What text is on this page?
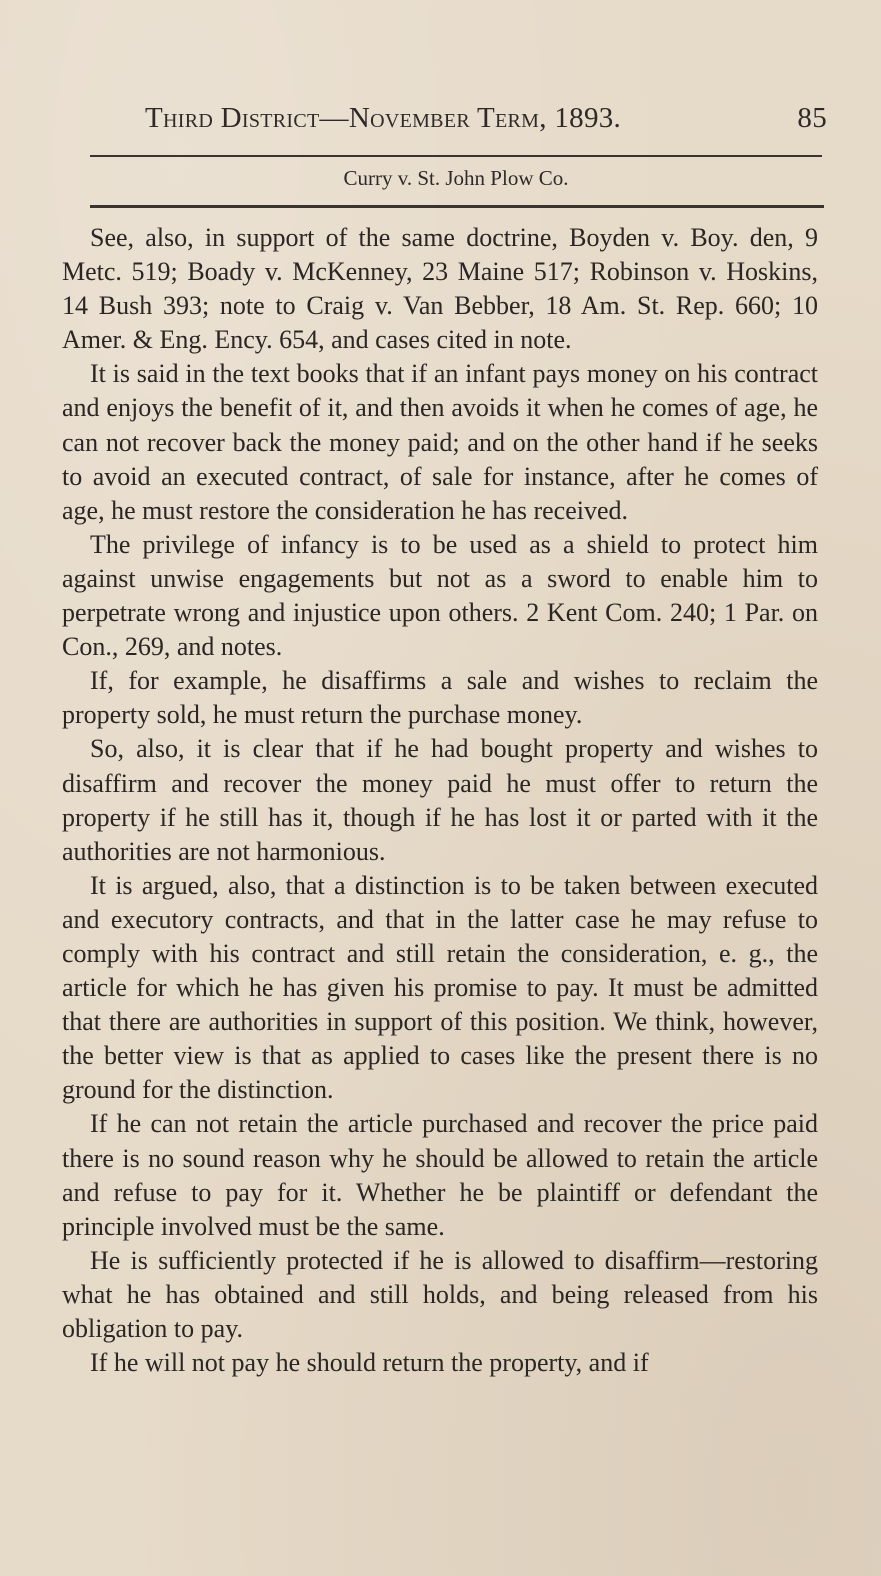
Third District—November Term, 1893.	85
Curry v. St. John Plow Co.

See, also, in support of the same doctrine, Boyden v. Boy. den, 9 Metc. 519; Boady v. McKenney, 23 Maine 517; Robinson v. Hoskins, 14 Bush 393; note to Craig v. Van Bebber, 18 Am. St. Rep. 660; 10 Amer. & Eng. Ency. 654, and cases cited in note.

It is said in the text books that if an infant pays money on his contract and enjoys the benefit of it, and then avoids it when he comes of age, he can not recover back the money paid; and on the other hand if he seeks to avoid an executed contract, of sale for instance, after he comes of age, he must restore the consideration he has received.

The privilege of infancy is to be used as a shield to protect him against unwise engagements but not as a sword to enable him to perpetrate wrong and injustice upon others. 2 Kent Com. 240; 1 Par. on Con., 269, and notes.

If, for example, he disaffirms a sale and wishes to reclaim the property sold, he must return the purchase money.

So, also, it is clear that if he had bought property and wishes to disaffirm and recover the money paid he must offer to return the property if he still has it, though if he has lost it or parted with it the authorities are not harmonious.

It is argued, also, that a distinction is to be taken between executed and executory contracts, and that in the latter case he may refuse to comply with his contract and still retain the consideration, e. g., the article for which he has given his promise to pay. It must be admitted that there are authorities in support of this position. We think, however, the better view is that as applied to cases like the present there is no ground for the distinction.

If he can not retain the article purchased and recover the price paid there is no sound reason why he should be allowed to retain the article and refuse to pay for it. Whether he be plaintiff or defendant the principle involved must be the same.

He is sufficiently protected if he is allowed to disaffirm—restoring what he has obtained and still holds, and being released from his obligation to pay.

If he will not pay he should return the property, and if
